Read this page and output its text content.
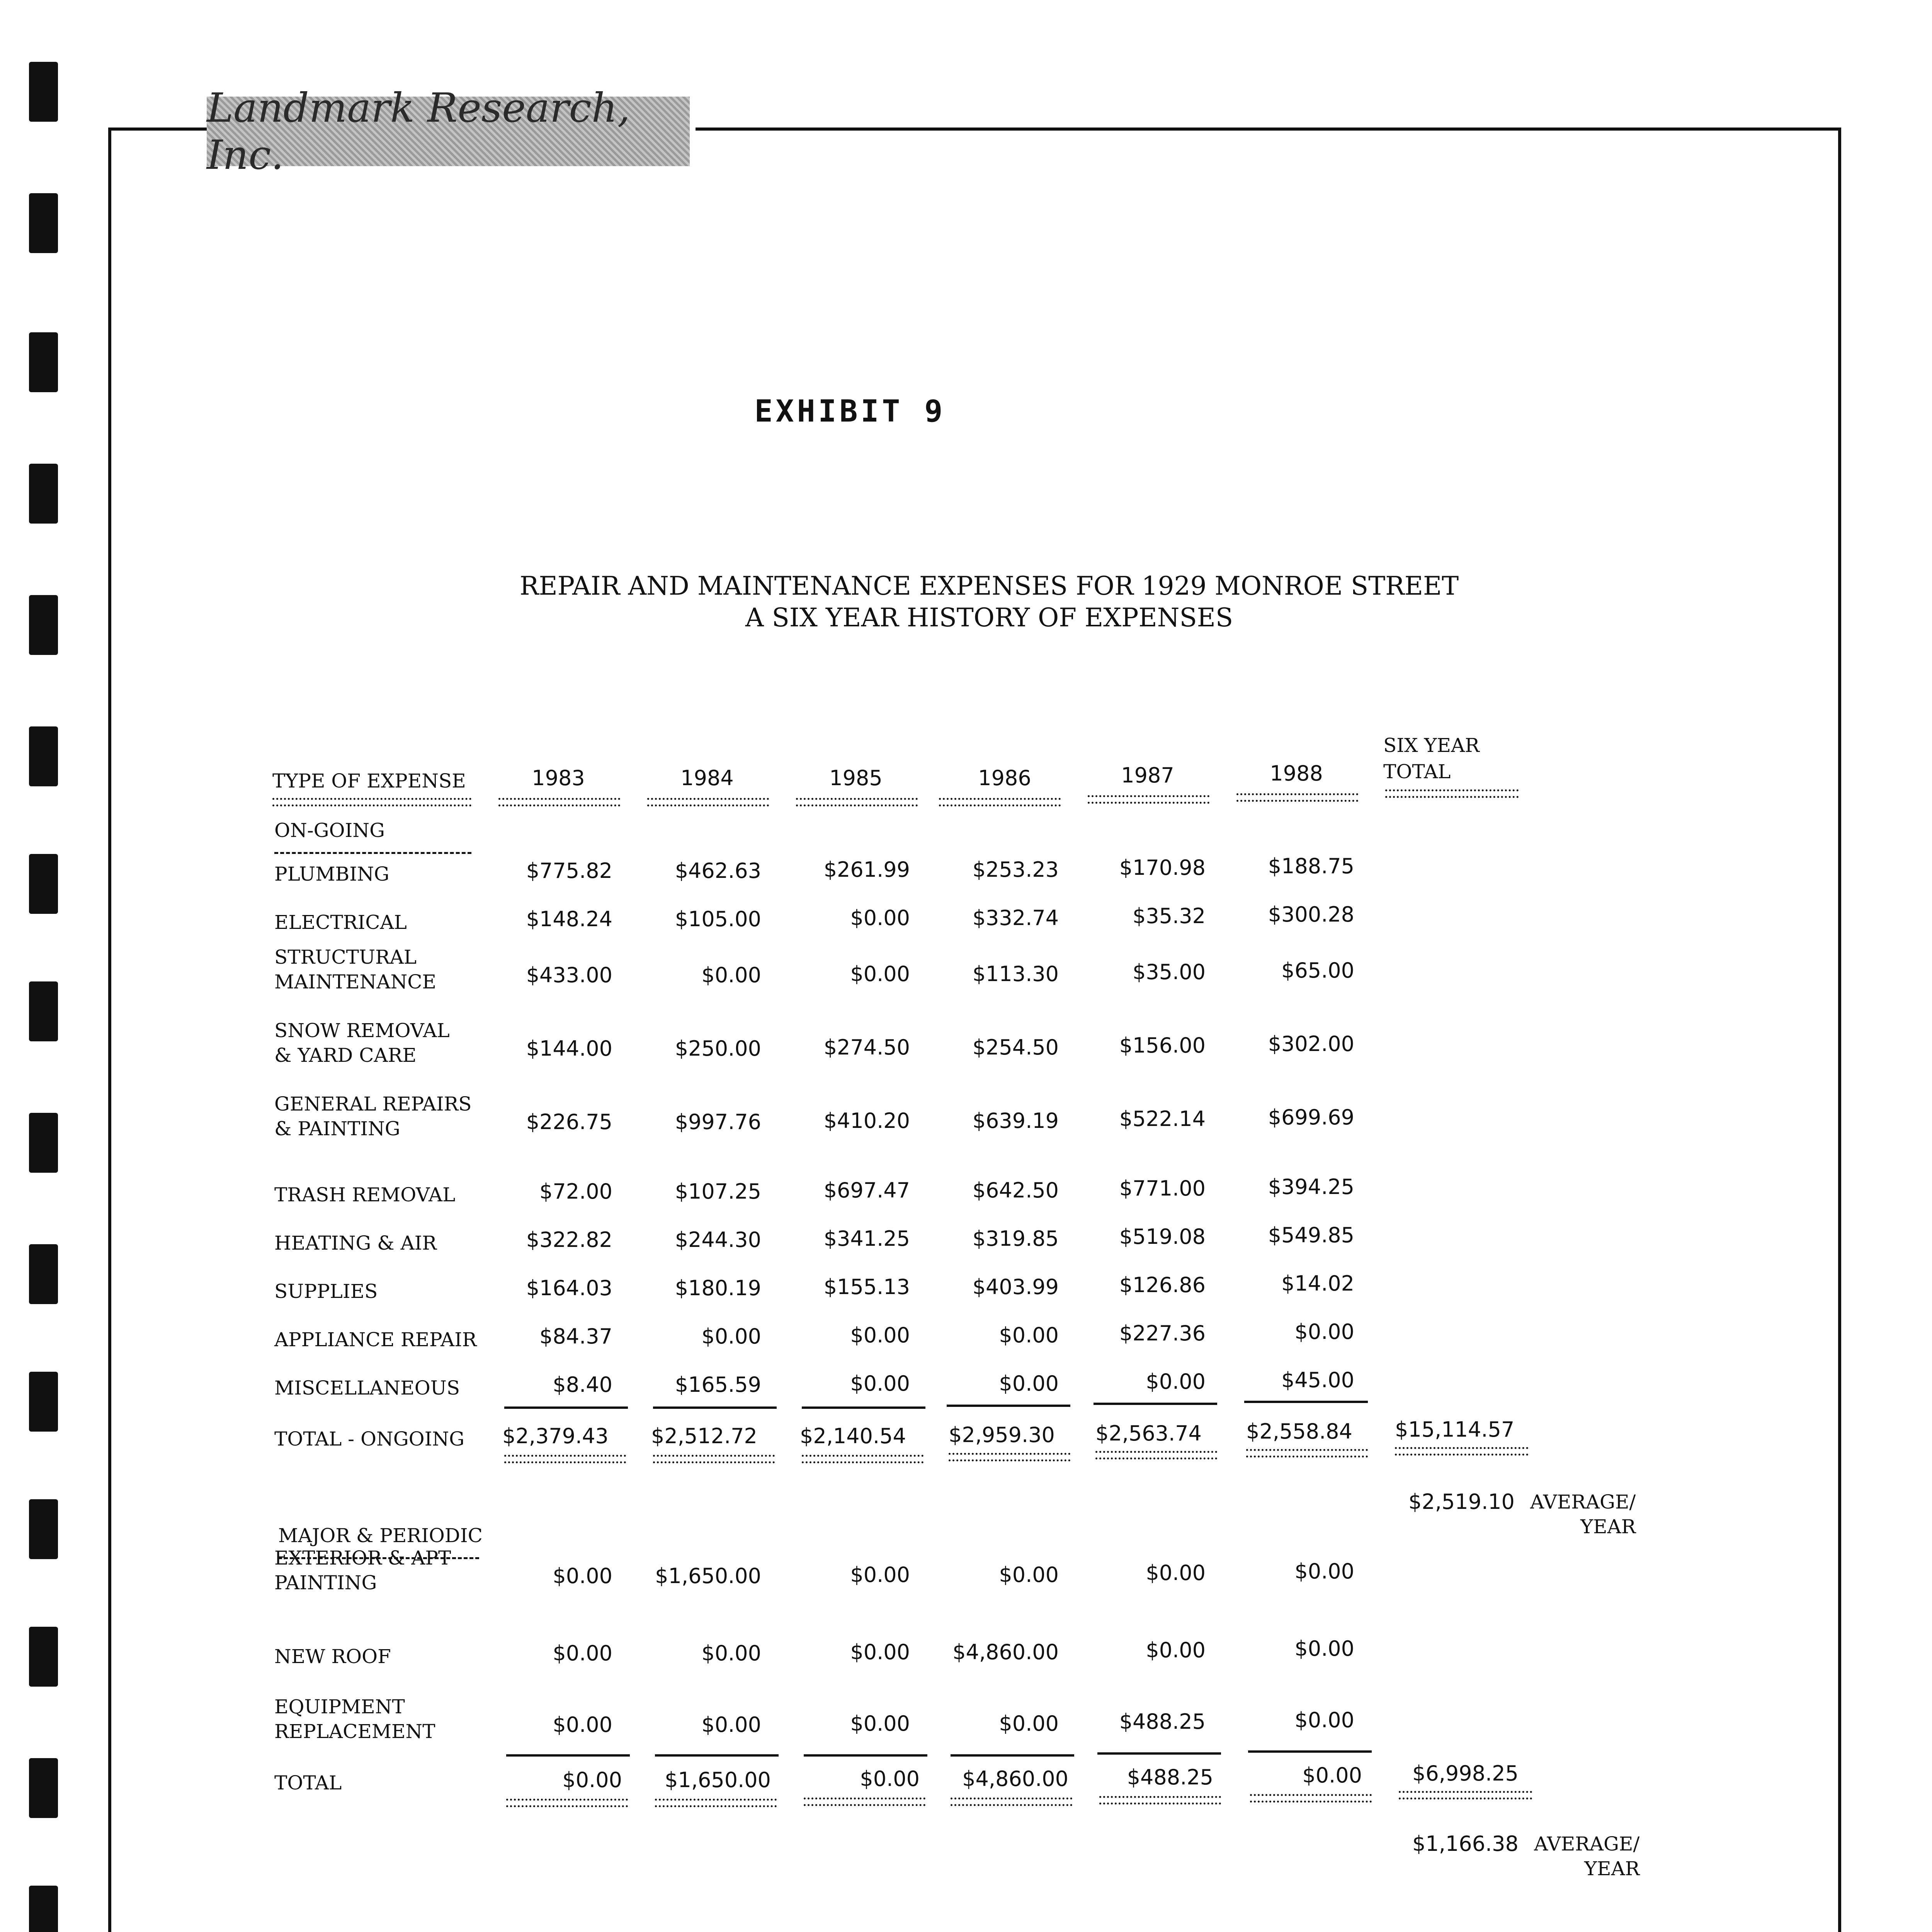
Landmark Research, Inc.
EXHIBIT 9
REPAIR AND MAINTENANCE EXPENSES FOR 1929 MONROE STREET
A SIX YEAR HISTORY OF EXPENSES
TYPE OF EXPENSE	1983	1984	1985	1986	1987	1988
SIX YEAR
TOTAL
ON-GOING
PLUMBING	$775.82	$462.63	$261.99	$253.23	$170.98	$188.75
ELECTRICAL	$148.24	$105.00	$0.00	$332.74	$35.32	$300.28
STRUCTURAL
MAINTENANCE	$433.00	$0.00	$0.00	$113.30	$35.00	$65.00
SNOW REMOVAL
& YARD CARE	$144.00	$250.00	$274.50	$254.50	$156.00	$302.00
GENERAL REPAIRS
& PAINTING	$226.75	$997.76	$410.20	$639.19	$522.14	$699.69
TRASH REMOVAL	$72.00	$107.25	$697.47	$642.50	$771.00	$394.25
HEATING & AIR	$322.82	$244.30	$341.25	$319.85	$519.08	$549.85
SUPPLIES	$164.03	$180.19	$155.13	$403.99	$126.86	$14.02
APPLIANCE REPAIR	$84.37	$0.00	$0.00	$0.00	$227.36	$0.00
MISCELLANEOUS	$8.40	$165.59	$0.00	$0.00	$0.00	$45.00
TOTAL - ONGOING $2,379.43 $2,512.72 $2,140.54 $2,959.30 $2,563.74 $2,558.84 $15,114.57
$2,519.10 AVERAGE/
YEAR
MAJOR & PERIODIC
EXTERIOR & APT
PAINTING	$0.00	$1,650.00	$0.00	$0.00	$0.00	$0.00
NEW ROOF	$0.00	$0.00	$0.00	$4,860.00	$0.00	$0.00
EQUIPMENT
REPLACEMENT	$0.00	$0.00	$0.00	$0.00	$488.25	$0.00
TOTAL	$0.00	$1,650.00	$0.00	$4,860.00	$488.25	$0.00 $6,998.25
$1,166.38 AVERAGE/
YEAR
